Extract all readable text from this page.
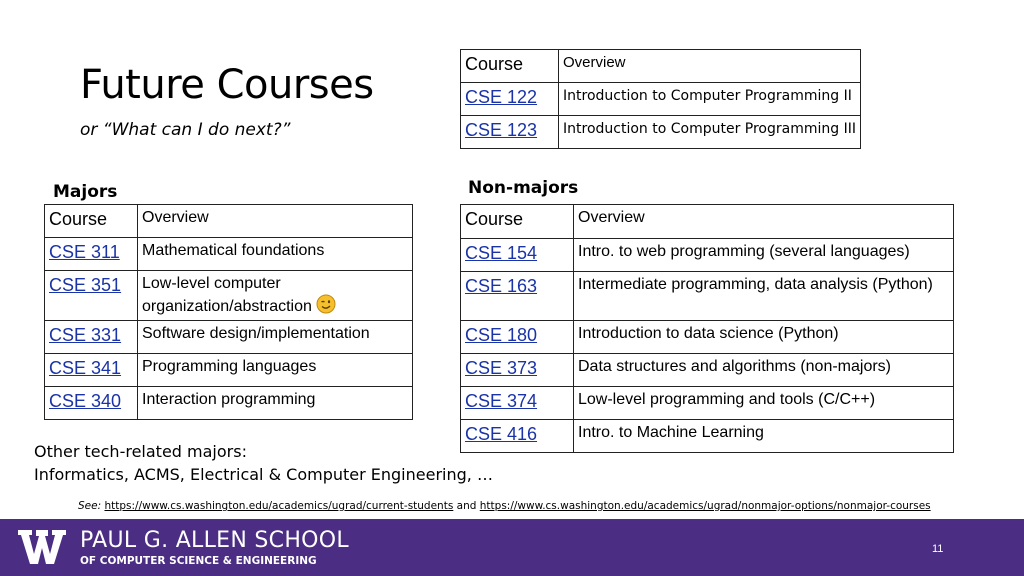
Future Courses
or “What can I do next?”
Course	Overview
CSE 122	Introduction to Computer Programming II
CSE 123	Introduction to Computer Programming III
Majors
Course	Overview
CSE 311	Mathematical foundations
CSE 351	Low-level computer organization/abstraction
CSE 331	Software design/implementation
CSE 341	Programming languages
CSE 340	Interaction programming
Non-majors
Course	Overview
CSE 154	Intro. to web programming (several languages)
CSE 163	Intermediate programming, data analysis (Python)
CSE 180	Introduction to data science (Python)
CSE 373	Data structures and algorithms (non-majors)
CSE 374	Low-level programming and tools (C/C++)
CSE 416	Intro. to Machine Learning
Other tech-related majors:
Informatics, ACMS, Electrical & Computer Engineering, …
See: https://www.cs.washington.edu/academics/ugrad/current-students and https://www.cs.washington.edu/academics/ugrad/nonmajor-options/nonmajor-courses
PAUL G. ALLEN SCHOOL
OF COMPUTER SCIENCE & ENGINEERING
11
